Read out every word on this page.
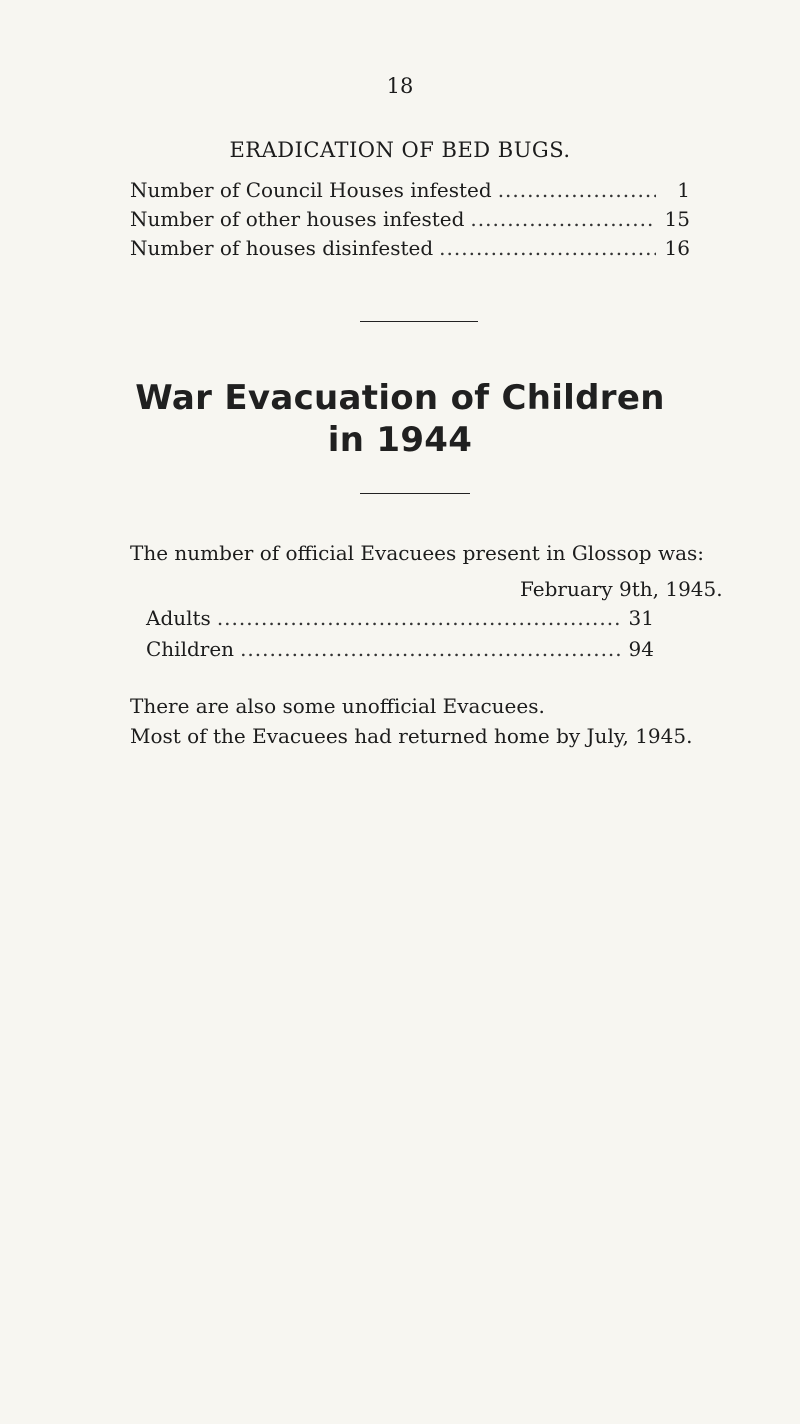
18
ERADICATION OF BED BUGS.
Number of Council Houses infested .....	1
Number of other houses infested .....	15
Number of houses disinfested .....	16
War Evacuation of Children
in 1944
The number of official Evacuees present in Glossop was:
February 9th, 1945.
Adults .....	31
Children .....	94
There are also some unofficial Evacuees.
Most of the Evacuees had returned home by July, 1945.
